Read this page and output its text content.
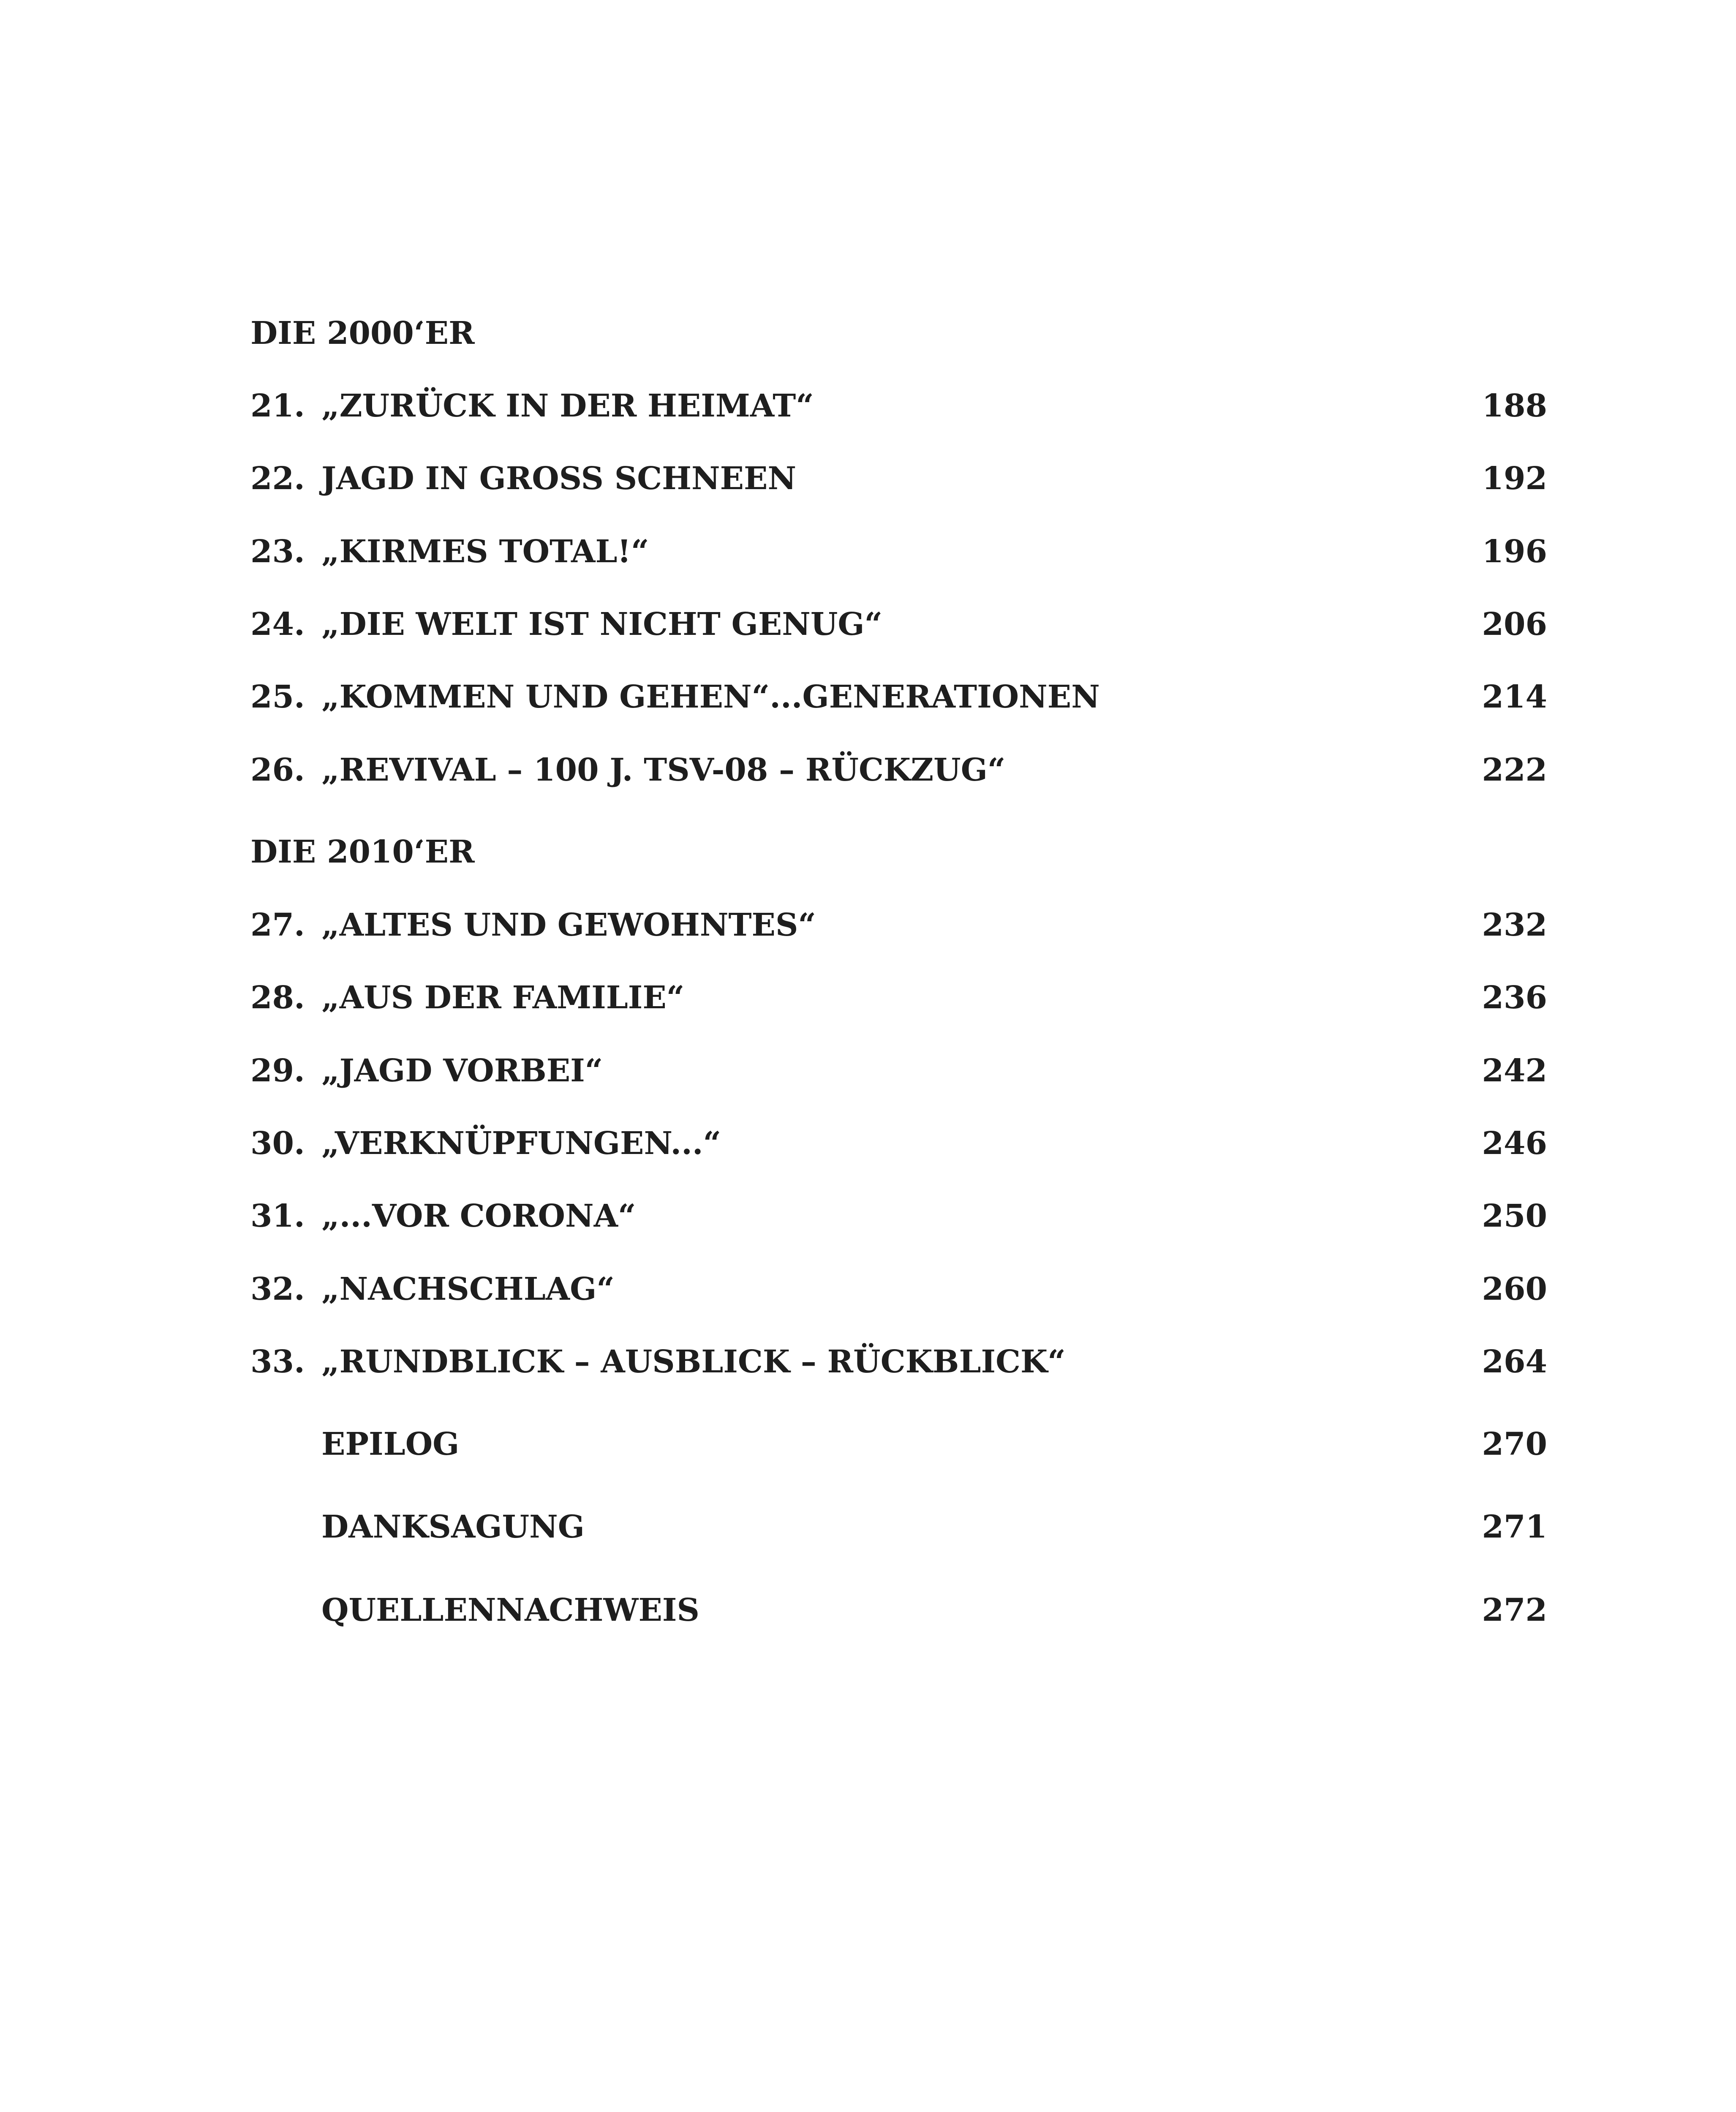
DIE 2000‘ER
21. „ZURÜCK IN DER HEIMAT“	188
22. JAGD IN GROSS SCHNEEN	192
23. „KIRMES TOTAL!“	196
24. „DIE WELT IST NICHT GENUG“	206
25. „KOMMEN UND GEHEN“...GENERATIONEN	214
26. „REVIVAL – 100 J. TSV-08 – RÜCKZUG“	222
DIE 2010‘ER
27. „ALTES UND GEWOHNTES“	232
28. „AUS DER FAMILIE“	236
29. „JAGD VORBEI“	242
30. „VERKNÜPFUNGEN...“	246
31. „...VOR CORONA“	250
32. „NACHSCHLAG“	260
33. „RUNDBLICK – AUSBLICK – RÜCKBLICK“	264
EPILOG	270
DANKSAGUNG	271
QUELLENNACHWEIS	272
